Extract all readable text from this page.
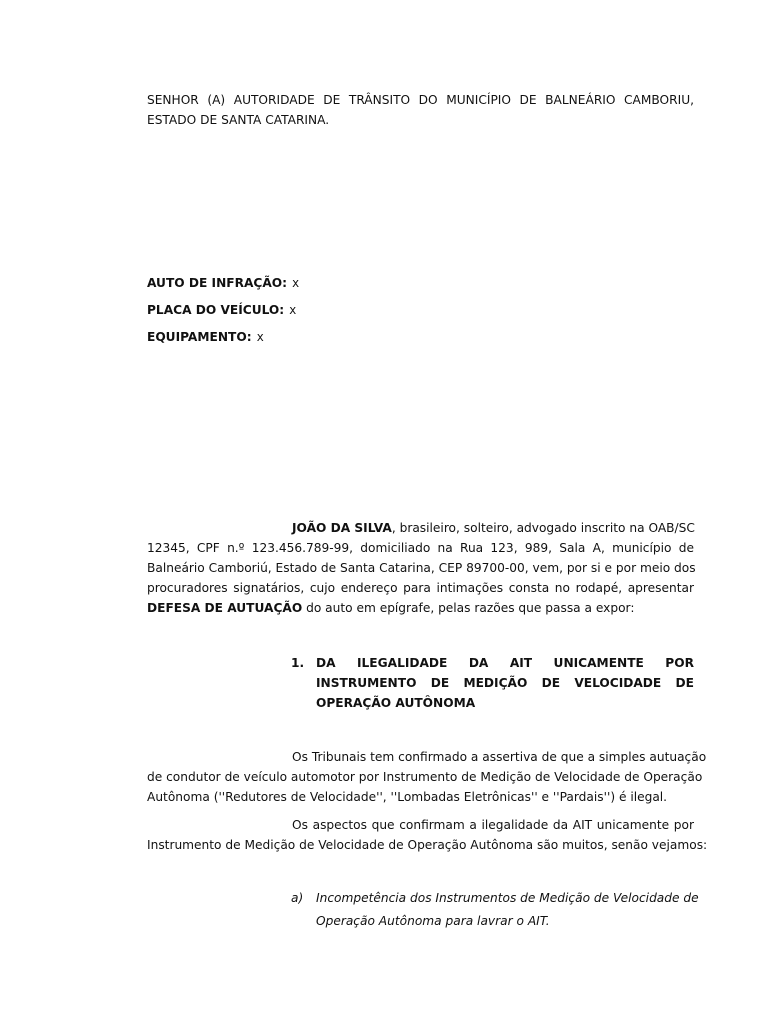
SENHOR (A) AUTORIDADE DE TRÂNSITO DO MUNICÍPIO DE BALNEÁRIO CAMBORIU,
ESTADO DE SANTA CATARINA.
AUTO DE INFRAÇÃO: x
PLACA DO VEÍCULO: x
EQUIPAMENTO: x
JOÃO DA SILVA, brasileiro, solteiro, advogado inscrito na OAB/SC
12345, CPF n.º 123.456.789-99, domiciliado na Rua 123, 989, Sala A, município de
Balneário Camboriú, Estado de Santa Catarina, CEP 89700-00, vem, por si e por meio dos
procuradores signatários, cujo endereço para intimações consta no rodapé, apresentar
DEFESA DE AUTUAÇÃO do auto em epígrafe, pelas razões que passa a expor:
1. DA ILEGALIDADE DA AIT UNICAMENTE POR
INSTRUMENTO DE MEDIÇÃO DE VELOCIDADE DE
OPERAÇÃO AUTÔNOMA
Os Tribunais tem confirmado a assertiva de que a simples autuação
de condutor de veículo automotor por Instrumento de Medição de Velocidade de Operação
Autônoma (''Redutores de Velocidade'', ''Lombadas Eletrônicas'' e ''Pardais'') é ilegal.
Os aspectos que confirmam a ilegalidade da AIT unicamente por
Instrumento de Medição de Velocidade de Operação Autônoma são muitos, senão vejamos:
a) Incompetência dos Instrumentos de Medição de Velocidade de
Operação Autônoma para lavrar o AIT.
